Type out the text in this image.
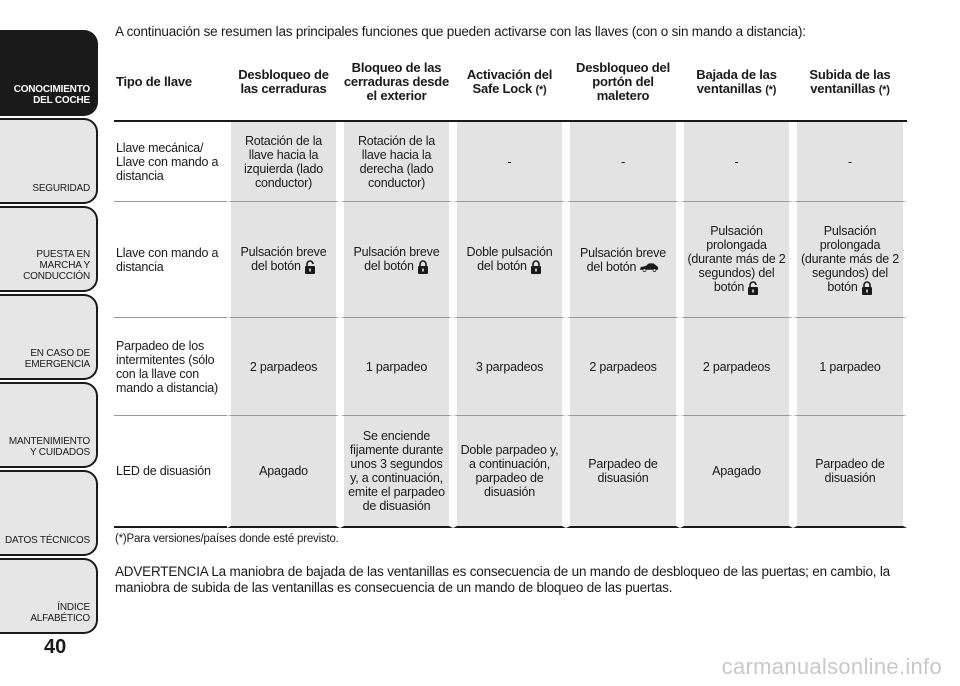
CONOCIMIENTO DEL COCHE
SEGURIDAD
PUESTA EN MARCHA Y CONDUCCIÓN
EN CASO DE EMERGENCIA
MANTENIMIENTO Y CUIDADOS
DATOS TÉCNICOS
ÍNDICE ALFABÉTICO
40
A continuación se resumen las principales funciones que pueden activarse con las llaves (con o sin mando a distancia):
Tipo de llave	Desbloqueo de las cerraduras	Bloqueo de las cerraduras desde el exterior	Activación del Safe Lock (*)	Desbloqueo del portón del maletero	Bajada de las ventanillas (*)	Subida de las ventanillas (*)
Llave mecánica/ Llave con mando a distancia	Rotación de la llave hacia la izquierda (lado conductor)	Rotación de la llave hacia la derecha (lado conductor)	-	-	-	-
Llave con mando a distancia	Pulsación breve del botón	Pulsación breve del botón	Doble pulsación del botón	Pulsación breve del botón	Pulsación prolongada (durante más de 2 segundos) del botón	Pulsación prolongada (durante más de 2 segundos) del botón
Parpadeo de los intermitentes (sólo con la llave con mando a distancia)	2 parpadeos	1 parpadeo	3 parpadeos	2 parpadeos	2 parpadeos	1 parpadeo
LED de disuasión	Apagado	Se enciende fijamente durante unos 3 segundos y, a continuación, emite el parpadeo de disuasión	Doble parpadeo y, a continuación, parpadeo de disuasión	Parpadeo de disuasión	Apagado	Parpadeo de disuasión
(*)Para versiones/países donde esté previsto.
ADVERTENCIA La maniobra de bajada de las ventanillas es consecuencia de un mando de desbloqueo de las puertas; en cambio, la maniobra de subida de las ventanillas es consecuencia de un mando de bloqueo de las puertas.
carmanualsonline.info
